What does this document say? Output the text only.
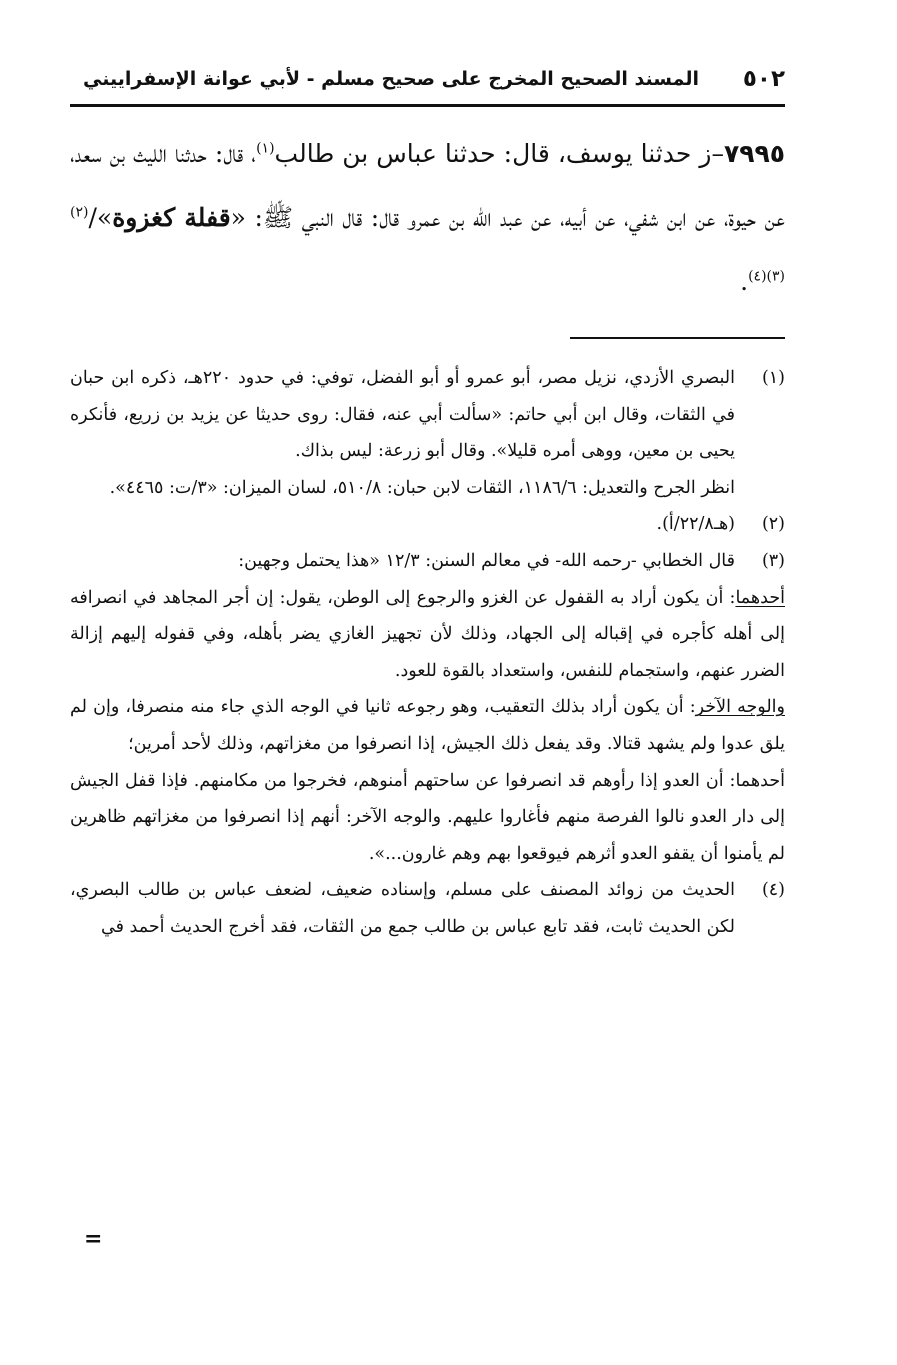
٥٠٢
المسند الصحيح المخرج على صحيح مسلم - لأبي عوانة الإسفراييني
٧٩٩٥–ز حدثنا يوسف، قال: حدثنا عباس بن طالب$^{(١)}$، قال: حدثنا الليث بن سعد، عن حيوة، عن ابن شفي، عن أبيه، عن عبد الله بن عمرو قال: قال النبي ﷺ: «قفلة كغزوة»/$^{(٢)(٣)(٤)}$.
(١)

البصري الأزدي، نزيل مصر، أبو عمرو أو أبو الفضل، توفي: في حدود ٢٢٠هـ، ذكره ابن حبان في الثقات، وقال ابن أبي حاتم: «سألت أبي عنه، فقال: روى حديثا عن يزيد بن زريع، فأنكره يحيى بن معين، ووهى أمره قليلا». وقال أبو زرعة: ليس بذاك.

انظر الجرح والتعديل: ١١٨٦/٦، الثقات لابن حبان: ٥١٠/٨، لسان الميزان: «٣/ت: ٤٤٦٥».

(٢)

(هـ٢٢/٨/أ).

(٣)

قال الخطابي -رحمه الله- في معالم السنن: ١٢/٣ «هذا يحتمل وجهين:

أحدهما: أن يكون أراد به القفول عن الغزو والرجوع إلى الوطن، يقول: إن أجر المجاهد في انصرافه إلى أهله كأجره في إقباله إلى الجهاد، وذلك لأن تجهيز الغازي يضر بأهله، وفي قفوله إليهم إزالة الضرر عنهم، واستجمام للنفس، واستعداد بالقوة للعود.

والوجه الآخر: أن يكون أراد بذلك التعقيب، وهو رجوعه ثانيا في الوجه الذي جاء منه منصرفا، وإن لم يلق عدوا ولم يشهد قتالا. وقد يفعل ذلك الجيش، إذا انصرفوا من مغزاتهم، وذلك لأحد أمرين؛

أحدهما: أن العدو إذا رأوهم قد انصرفوا عن ساحتهم أمنوهم، فخرجوا من مكامنهم. فإذا قفل الجيش إلى دار العدو نالوا الفرصة منهم فأغاروا عليهم. والوجه الآخر: أنهم إذا انصرفوا من مغزاتهم ظاهرين لم يأمنوا أن يقفو العدو أثرهم فيوقعوا بهم وهم غارون...».

(٤)

الحديث من زوائد المصنف على مسلم، وإسناده ضعيف، لضعف عباس بن طالب البصري، لكن الحديث ثابت، فقد تابع عباس بن طالب جمع من الثقات، فقد أخرج الحديث أحمد في

=
